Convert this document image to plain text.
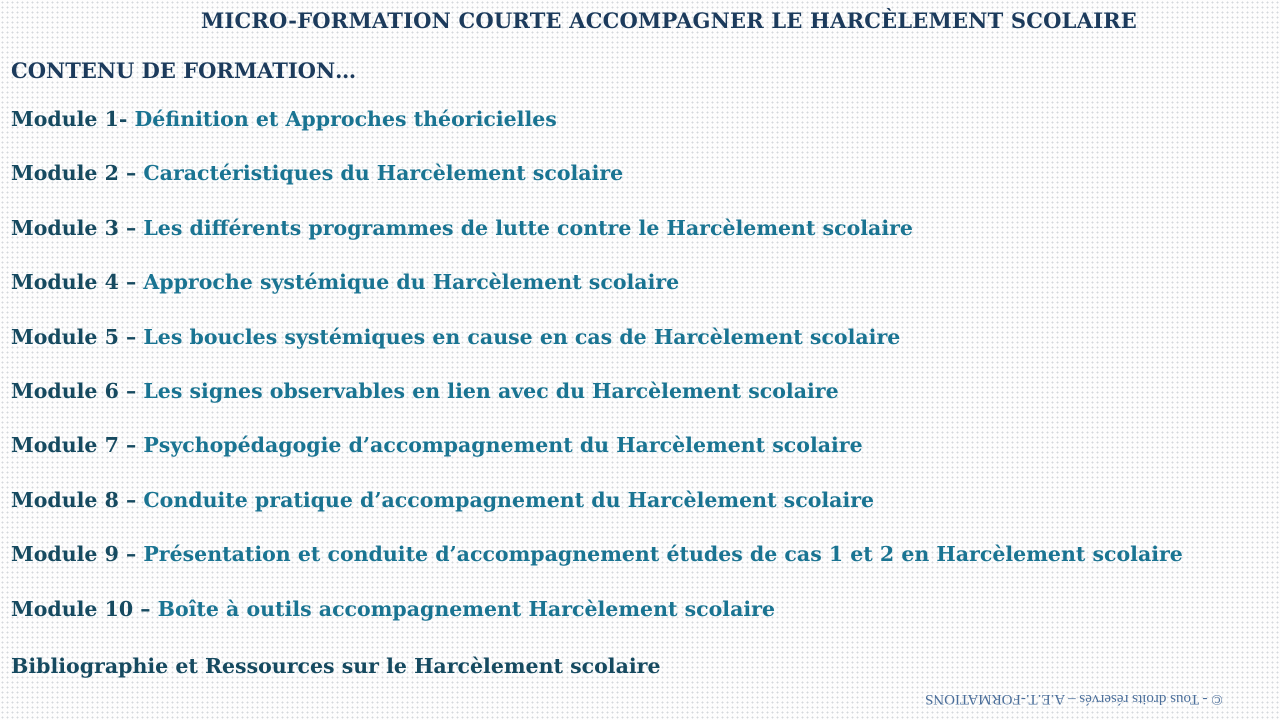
MICRO-FORMATION COURTE ACCOMPAGNER LE HARCÈLEMENT SCOLAIRE
CONTENU DE FORMATION…
Module 1- Définition et Approches théoricielles
Module 2 – Caractéristiques du Harcèlement scolaire
Module 3 – Les différents programmes de lutte contre le Harcèlement scolaire
Module 4 – Approche systémique du Harcèlement scolaire
Module 5 – Les boucles systémiques en cause en cas de Harcèlement scolaire
Module 6 – Les signes observables en lien avec du Harcèlement scolaire
Module 7 – Psychopédagogie d’accompagnement du Harcèlement scolaire
Module 8 – Conduite pratique d’accompagnement du Harcèlement scolaire
Module 9 – Présentation et conduite d’accompagnement études de cas 1 et 2 en Harcèlement scolaire
Module 10 – Boîte à outils accompagnement Harcèlement scolaire
Bibliographie et Ressources sur le Harcèlement scolaire
© - Tous droits réservés – A.E.T.-FORMATIONS
